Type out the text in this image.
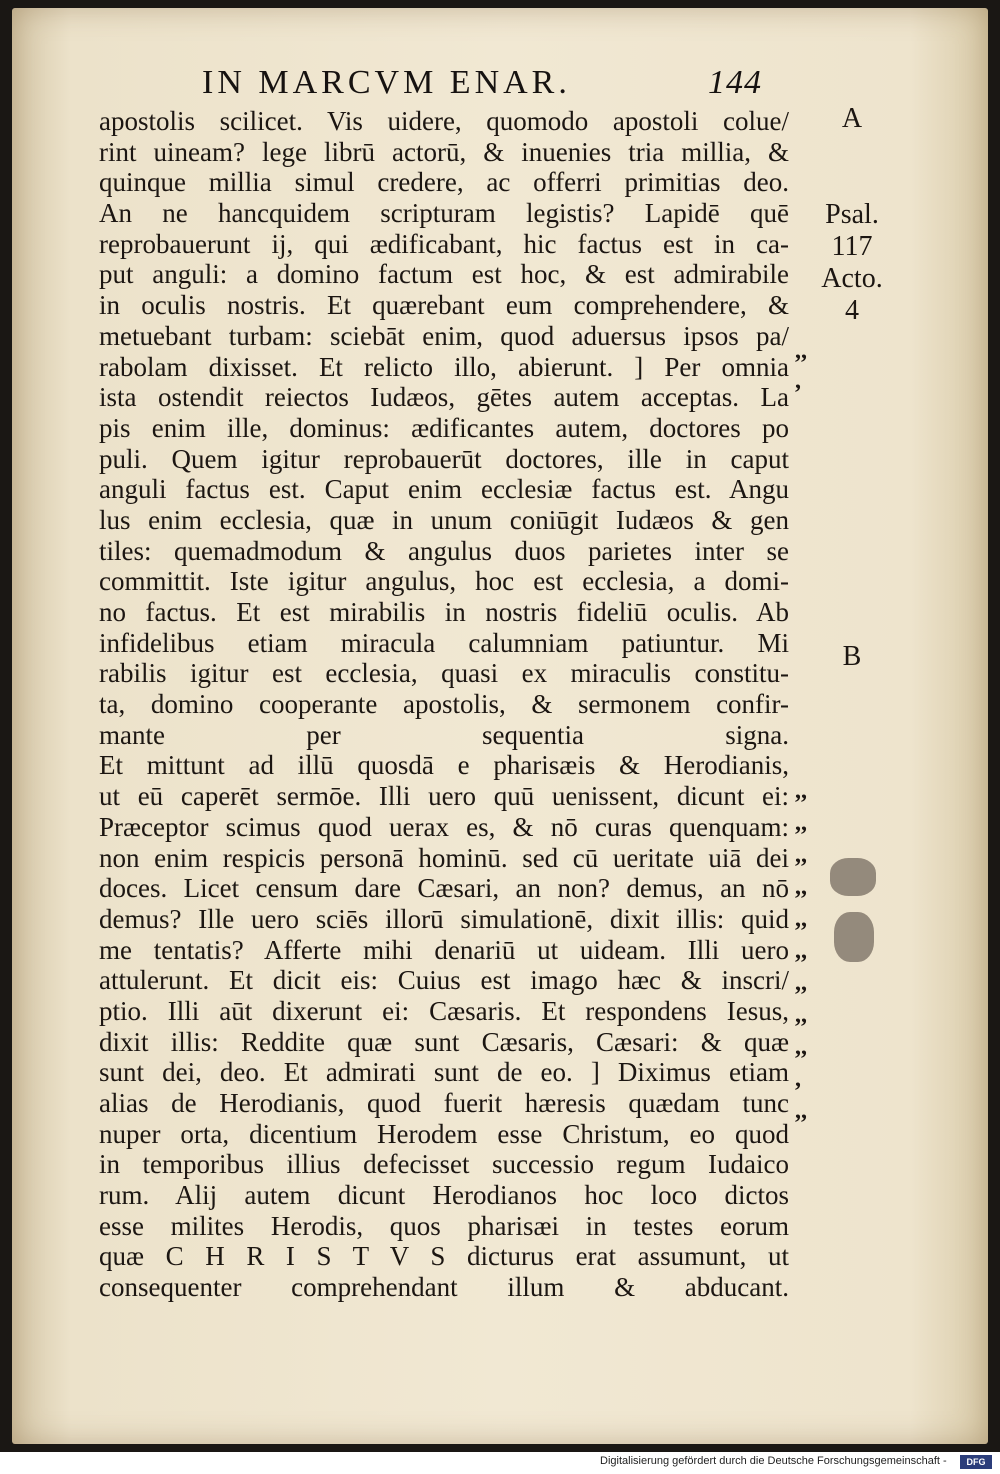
IN MARCVM ENAR.	144
apostolis scilicet. Vis uidere, quomodo apostoli colue/
rint uineam? lege librū actorū, & inuenies tria millia, &
quinque millia simul credere, ac offerri primitias deo.
An ne hancquidem scripturam legistis? Lapidē quē
reprobauerunt ij, qui ædificabant, hic factus est in ca-
put anguli: a domino factum est hoc, & est admirabile
in oculis nostris. Et quærebant eum comprehendere, &
metuebant turbam: sciebāt enim, quod aduersus ipsos pa/
rabolam dixisset. Et relicto illo, abierunt. ] Per omnia
ista ostendit reiectos Iudæos, gētes autem acceptas. La
pis enim ille, dominus: ædificantes autem, doctores po
puli. Quem igitur reprobauerūt doctores, ille in caput
anguli factus est. Caput enim ecclesiæ factus est. Angu
lus enim ecclesia, quæ in unum coniūgit Iudæos & gen
tiles: quemadmodum & angulus duos parietes inter se
committit. Iste igitur angulus, hoc est ecclesia, a domi-
no factus. Et est mirabilis in nostris fideliū oculis. Ab
infidelibus etiam miracula calumniam patiuntur. Mi
rabilis igitur est ecclesia, quasi ex miraculis constitu-
ta, domino cooperante apostolis, & sermonem confir-
mante per sequentia signa.
Et mittunt ad illū quosdā e pharisæis & Herodianis,
ut eū caperēt sermōe. Illi uero quū uenissent, dicunt ei:
Præceptor scimus quod uerax es, & nō curas quenquam:
non enim respicis personā hominū. sed cū ueritate uiā dei
doces. Licet censum dare Cæsari, an non? demus, an nō
demus? Ille uero sciēs illorū simulationē, dixit illis: quid
me tentatis? Afferte mihi denariū ut uideam. Illi uero
attulerunt. Et dicit eis: Cuius est imago hæc & inscri/
ptio. Illi aūt dixerunt ei: Cæsaris. Et respondens Iesus,
dixit illis: Reddite quæ sunt Cæsaris, Cæsari: & quæ
sunt dei, deo. Et admirati sunt de eo. ] Diximus etiam
alias de Herodianis, quod fuerit hæresis quædam tunc
nuper orta, dicentium Herodem esse Christum, eo quod
in temporibus illius defecisset successio regum Iudaico
rum. Alij autem dicunt Herodianos hoc loco dictos
esse milites Herodis, quos pharisæi in testes eorum
quæ C H R I S T V S dicturus erat assumunt, ut
consequenter comprehendant illum & abducant.
A
Psal.
117
Acto.
4
B
,,
,
,,
,,
,,
,,
,,
,,
,,
,,
,,
,
,,
Digitalisierung gefördert durch die Deutsche Forschungsgemeinschaft -	DFG
